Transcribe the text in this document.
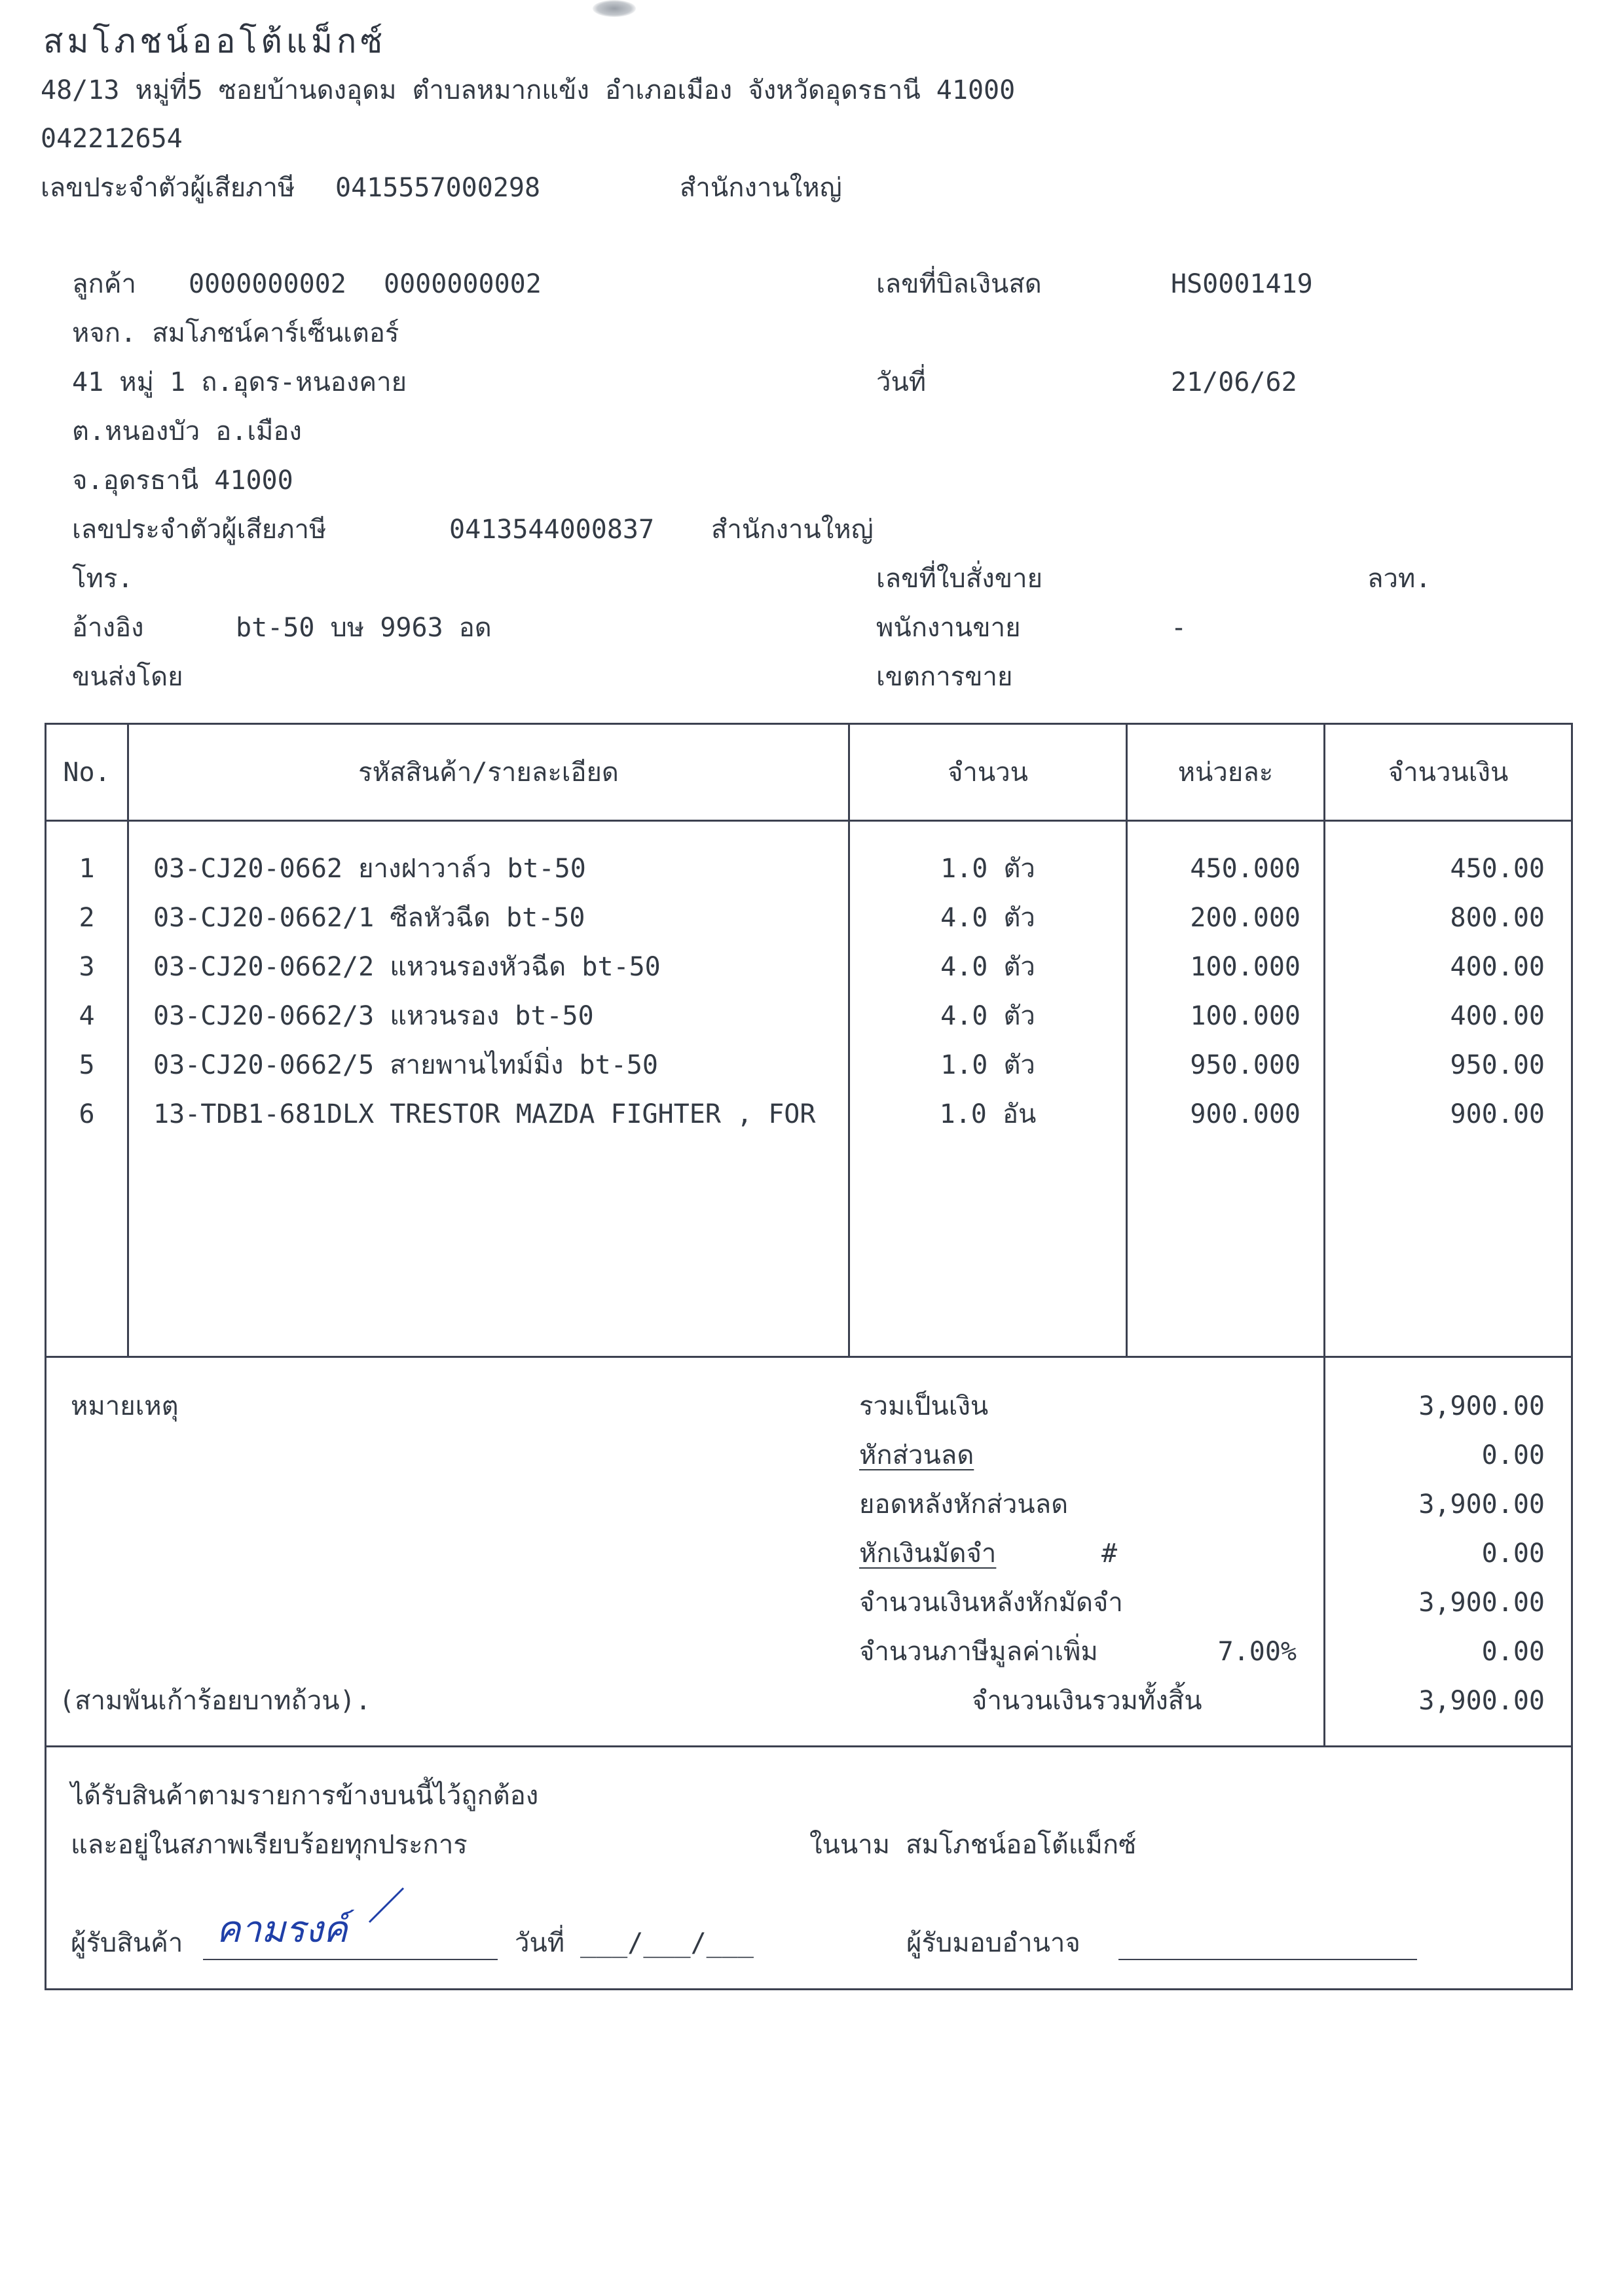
สมโภชน์ออโต้แม็กซ์
48/13 หมู่ที่5 ซอยบ้านดงอุดม ตำบลหมากแข้ง อำเภอเมือง จังหวัดอุดรธานี 41000
042212654
เลขประจำตัวผู้เสียภาษี 0415557000298	สำนักงานใหญ่
ลูกค้า 0000000002 0000000002
หจก. สมโภชน์คาร์เซ็นเตอร์
41 หมู่ 1 ถ.อุดร-หนองคาย
ต.หนองบัว อ.เมือง
จ.อุดรธานี 41000
เลขประจำตัวผู้เสียภาษี	0413544000837 สำนักงานใหญ่
โทร.
อ้างอิง	bt-50 บษ 9963 อด
ขนส่งโดย
เลขที่บิลเงินสด	HS0001419
วันที่	21/06/62
เลขที่ใบสั่งขาย	ลวท.
พนักงานขาย	-
เขตการขาย
No.	รหัสสินค้า/รายละเอียด	จำนวน	หน่วยละ	จำนวนเงิน
1	03-CJ20-0662 ยางฝาวาล์ว bt-50	1.0 ตัว	450.000	450.00
2	03-CJ20-0662/1 ซีลหัวฉีด bt-50	4.0 ตัว	200.000	800.00
3	03-CJ20-0662/2 แหวนรองหัวฉีด bt-50	4.0 ตัว	100.000	400.00
4	03-CJ20-0662/3 แหวนรอง bt-50	4.0 ตัว	100.000	400.00
5	03-CJ20-0662/5 สายพานไทม์มิ่ง bt-50	1.0 ตัว	950.000	950.00
6	13-TDB1-681DLX TRESTOR MAZDA FIGHTER , FOR	1.0 อัน	900.000	900.00
หมายเหตุ	รวมเป็นเงิน	3,900.00
หักส่วนลด	0.00
ยอดหลังหักส่วนลด	3,900.00
หักเงินมัดจำ	#	0.00
จำนวนเงินหลังหักมัดจำ	3,900.00
จำนวนภาษีมูลค่าเพิ่ม	7.00%	0.00
(สามพันเก้าร้อยบาทถ้วน).	จำนวนเงินรวมทั้งสิ้น	3,900.00
ได้รับสินค้าตามรายการข้างบนนี้ไว้ถูกต้อง
และอยู่ในสภาพเรียบร้อยทุกประการ	ในนาม สมโภชน์ออโต้แม็กซ์
ผู้รับสินค้า คามรงค์	วันที่ ___/___/___	ผู้รับมอบอำนาจ
